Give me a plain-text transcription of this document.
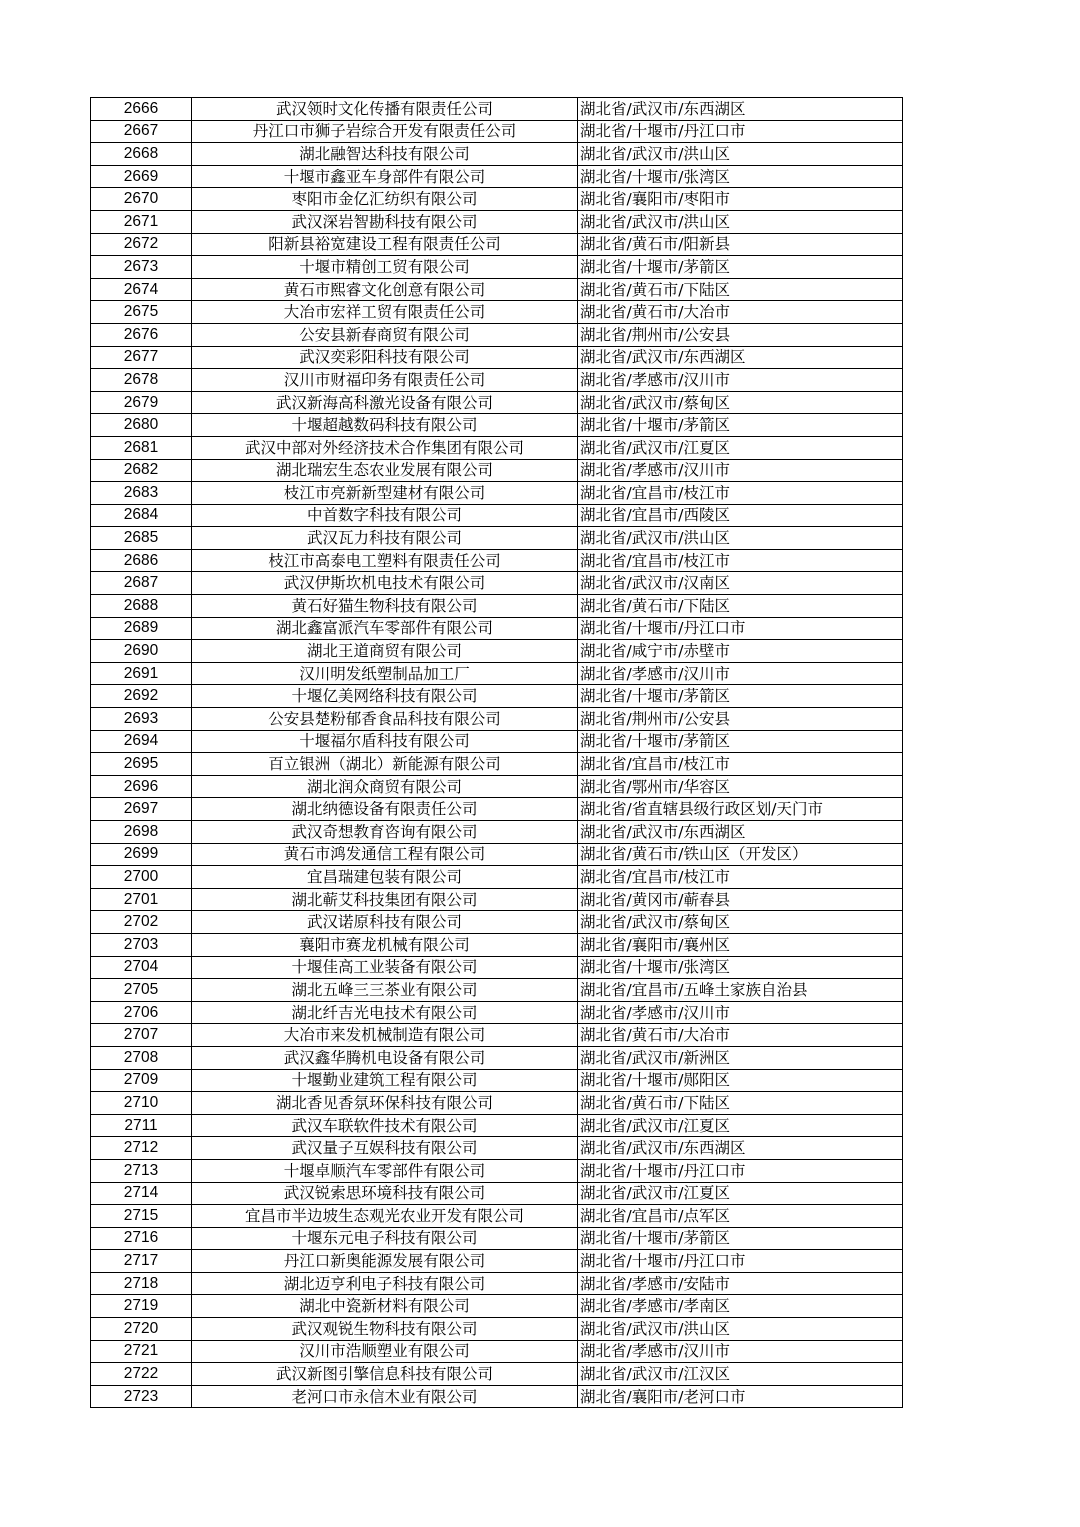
2666	武汉领时文化传播有限责任公司	湖北省/武汉市/东西湖区
2667	丹江口市狮子岩综合开发有限责任公司	湖北省/十堰市/丹江口市
2668	湖北融智达科技有限公司	湖北省/武汉市/洪山区
2669	十堰市鑫亚车身部件有限公司	湖北省/十堰市/张湾区
2670	枣阳市金亿汇纺织有限公司	湖北省/襄阳市/枣阳市
2671	武汉深岩智勘科技有限公司	湖北省/武汉市/洪山区
2672	阳新县裕宽建设工程有限责任公司	湖北省/黄石市/阳新县
2673	十堰市精创工贸有限公司	湖北省/十堰市/茅箭区
2674	黄石市熙睿文化创意有限公司	湖北省/黄石市/下陆区
2675	大冶市宏祥工贸有限责任公司	湖北省/黄石市/大冶市
2676	公安县新春商贸有限公司	湖北省/荆州市/公安县
2677	武汉奕彩阳科技有限公司	湖北省/武汉市/东西湖区
2678	汉川市财福印务有限责任公司	湖北省/孝感市/汉川市
2679	武汉新海高科激光设备有限公司	湖北省/武汉市/蔡甸区
2680	十堰超越数码科技有限公司	湖北省/十堰市/茅箭区
2681	武汉中部对外经济技术合作集团有限公司	湖北省/武汉市/江夏区
2682	湖北瑞宏生态农业发展有限公司	湖北省/孝感市/汉川市
2683	枝江市亮新新型建材有限公司	湖北省/宜昌市/枝江市
2684	中首数字科技有限公司	湖北省/宜昌市/西陵区
2685	武汉瓦力科技有限公司	湖北省/武汉市/洪山区
2686	枝江市高泰电工塑料有限责任公司	湖北省/宜昌市/枝江市
2687	武汉伊斯坎机电技术有限公司	湖北省/武汉市/汉南区
2688	黄石好猫生物科技有限公司	湖北省/黄石市/下陆区
2689	湖北鑫富派汽车零部件有限公司	湖北省/十堰市/丹江口市
2690	湖北王道商贸有限公司	湖北省/咸宁市/赤壁市
2691	汉川明发纸塑制品加工厂	湖北省/孝感市/汉川市
2692	十堰亿美网络科技有限公司	湖北省/十堰市/茅箭区
2693	公安县楚粉郁香食品科技有限公司	湖北省/荆州市/公安县
2694	十堰福尔盾科技有限公司	湖北省/十堰市/茅箭区
2695	百立银洲（湖北）新能源有限公司	湖北省/宜昌市/枝江市
2696	湖北润众商贸有限公司	湖北省/鄂州市/华容区
2697	湖北纳德设备有限责任公司	湖北省/省直辖县级行政区划/天门市
2698	武汉奇想教育咨询有限公司	湖北省/武汉市/东西湖区
2699	黄石市鸿发通信工程有限公司	湖北省/黄石市/铁山区（开发区）
2700	宜昌瑞建包装有限公司	湖北省/宜昌市/枝江市
2701	湖北蕲艾科技集团有限公司	湖北省/黄冈市/蕲春县
2702	武汉诺原科技有限公司	湖北省/武汉市/蔡甸区
2703	襄阳市赛龙机械有限公司	湖北省/襄阳市/襄州区
2704	十堰佳高工业装备有限公司	湖北省/十堰市/张湾区
2705	湖北五峰三三茶业有限公司	湖北省/宜昌市/五峰土家族自治县
2706	湖北纤吉光电技术有限公司	湖北省/孝感市/汉川市
2707	大冶市来发机械制造有限公司	湖北省/黄石市/大冶市
2708	武汉鑫华腾机电设备有限公司	湖北省/武汉市/新洲区
2709	十堰勤业建筑工程有限公司	湖北省/十堰市/郧阳区
2710	湖北香见香氛环保科技有限公司	湖北省/黄石市/下陆区
2711	武汉车联软件技术有限公司	湖北省/武汉市/江夏区
2712	武汉量子互娱科技有限公司	湖北省/武汉市/东西湖区
2713	十堰卓顺汽车零部件有限公司	湖北省/十堰市/丹江口市
2714	武汉锐索思环境科技有限公司	湖北省/武汉市/江夏区
2715	宜昌市半边坡生态观光农业开发有限公司	湖北省/宜昌市/点军区
2716	十堰东元电子科技有限公司	湖北省/十堰市/茅箭区
2717	丹江口新奥能源发展有限公司	湖北省/十堰市/丹江口市
2718	湖北迈亨利电子科技有限公司	湖北省/孝感市/安陆市
2719	湖北中瓷新材料有限公司	湖北省/孝感市/孝南区
2720	武汉观锐生物科技有限公司	湖北省/武汉市/洪山区
2721	汉川市浩顺塑业有限公司	湖北省/孝感市/汉川市
2722	武汉新图引擎信息科技有限公司	湖北省/武汉市/江汉区
2723	老河口市永信木业有限公司	湖北省/襄阳市/老河口市
